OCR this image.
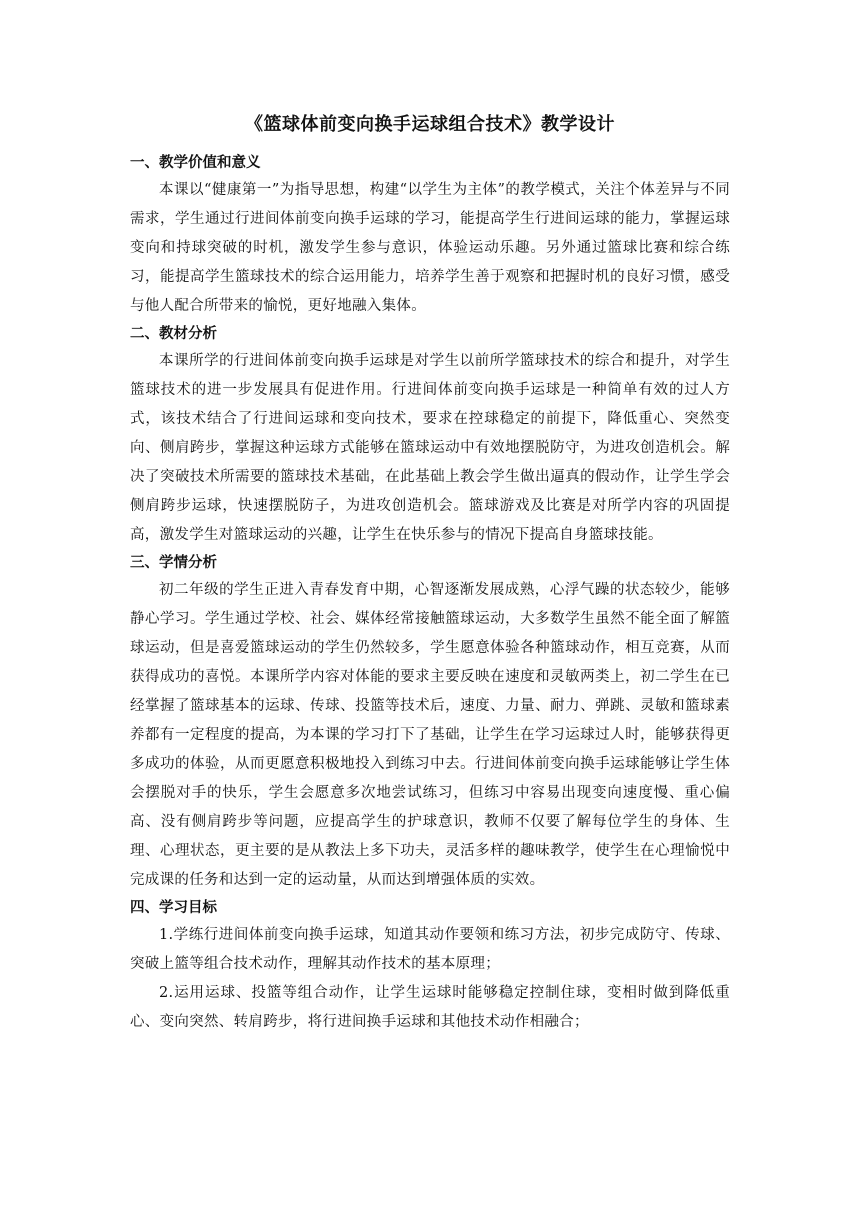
《篮球体前变向换手运球组合技术》教学设计
一、教学价值和意义

本课以“健康第一”为指导思想，构建“以学生为主体”的教学模式，关注个体差异与不同需求，学生通过行进间体前变向换手运球的学习，能提高学生行进间运球的能力，掌握运球变向和持球突破的时机，激发学生参与意识，体验运动乐趣。另外通过篮球比赛和综合练习，能提高学生篮球技术的综合运用能力，培养学生善于观察和把握时机的良好习惯，感受与他人配合所带来的愉悦，更好地融入集体。

二、教材分析

本课所学的行进间体前变向换手运球是对学生以前所学篮球技术的综合和提升，对学生篮球技术的进一步发展具有促进作用。行进间体前变向换手运球是一种简单有效的过人方式，该技术结合了行进间运球和变向技术，要求在控球稳定的前提下，降低重心、突然变向、侧肩跨步，掌握这种运球方式能够在篮球运动中有效地摆脱防守，为进攻创造机会。解决了突破技术所需要的篮球技术基础，在此基础上教会学生做出逼真的假动作，让学生学会侧肩跨步运球，快速摆脱防子，为进攻创造机会。篮球游戏及比赛是对所学内容的巩固提高，激发学生对篮球运动的兴趣，让学生在快乐参与的情况下提高自身篮球技能。

三、学情分析

初二年级的学生正进入青春发育中期，心智逐渐发展成熟，心浮气躁的状态较少，能够静心学习。学生通过学校、社会、媒体经常接触篮球运动，大多数学生虽然不能全面了解篮球运动，但是喜爱篮球运动的学生仍然较多，学生愿意体验各种篮球动作，相互竞赛，从而获得成功的喜悦。本课所学内容对体能的要求主要反映在速度和灵敏两类上，初二学生在已经掌握了篮球基本的运球、传球、投篮等技术后，速度、力量、耐力、弹跳、灵敏和篮球素养都有一定程度的提高，为本课的学习打下了基础，让学生在学习运球过人时，能够获得更多成功的体验，从而更愿意积极地投入到练习中去。行进间体前变向换手运球能够让学生体会摆脱对手的快乐，学生会愿意多次地尝试练习，但练习中容易出现变向速度慢、重心偏高、没有侧肩跨步等问题，应提高学生的护球意识，教师不仅要了解每位学生的身体、生理、心理状态，更主要的是从教法上多下功夫，灵活多样的趣味教学，使学生在心理愉悦中完成课的任务和达到一定的运动量，从而达到增强体质的实效。

四、学习目标

1.学练行进间体前变向换手运球，知道其动作要领和练习方法，初步完成防守、传球、突破上篮等组合技术动作，理解其动作技术的基本原理；

2.运用运球、投篮等组合动作，让学生运球时能够稳定控制住球，变相时做到降低重心、变向突然、转肩跨步，将行进间换手运球和其他技术动作相融合；
